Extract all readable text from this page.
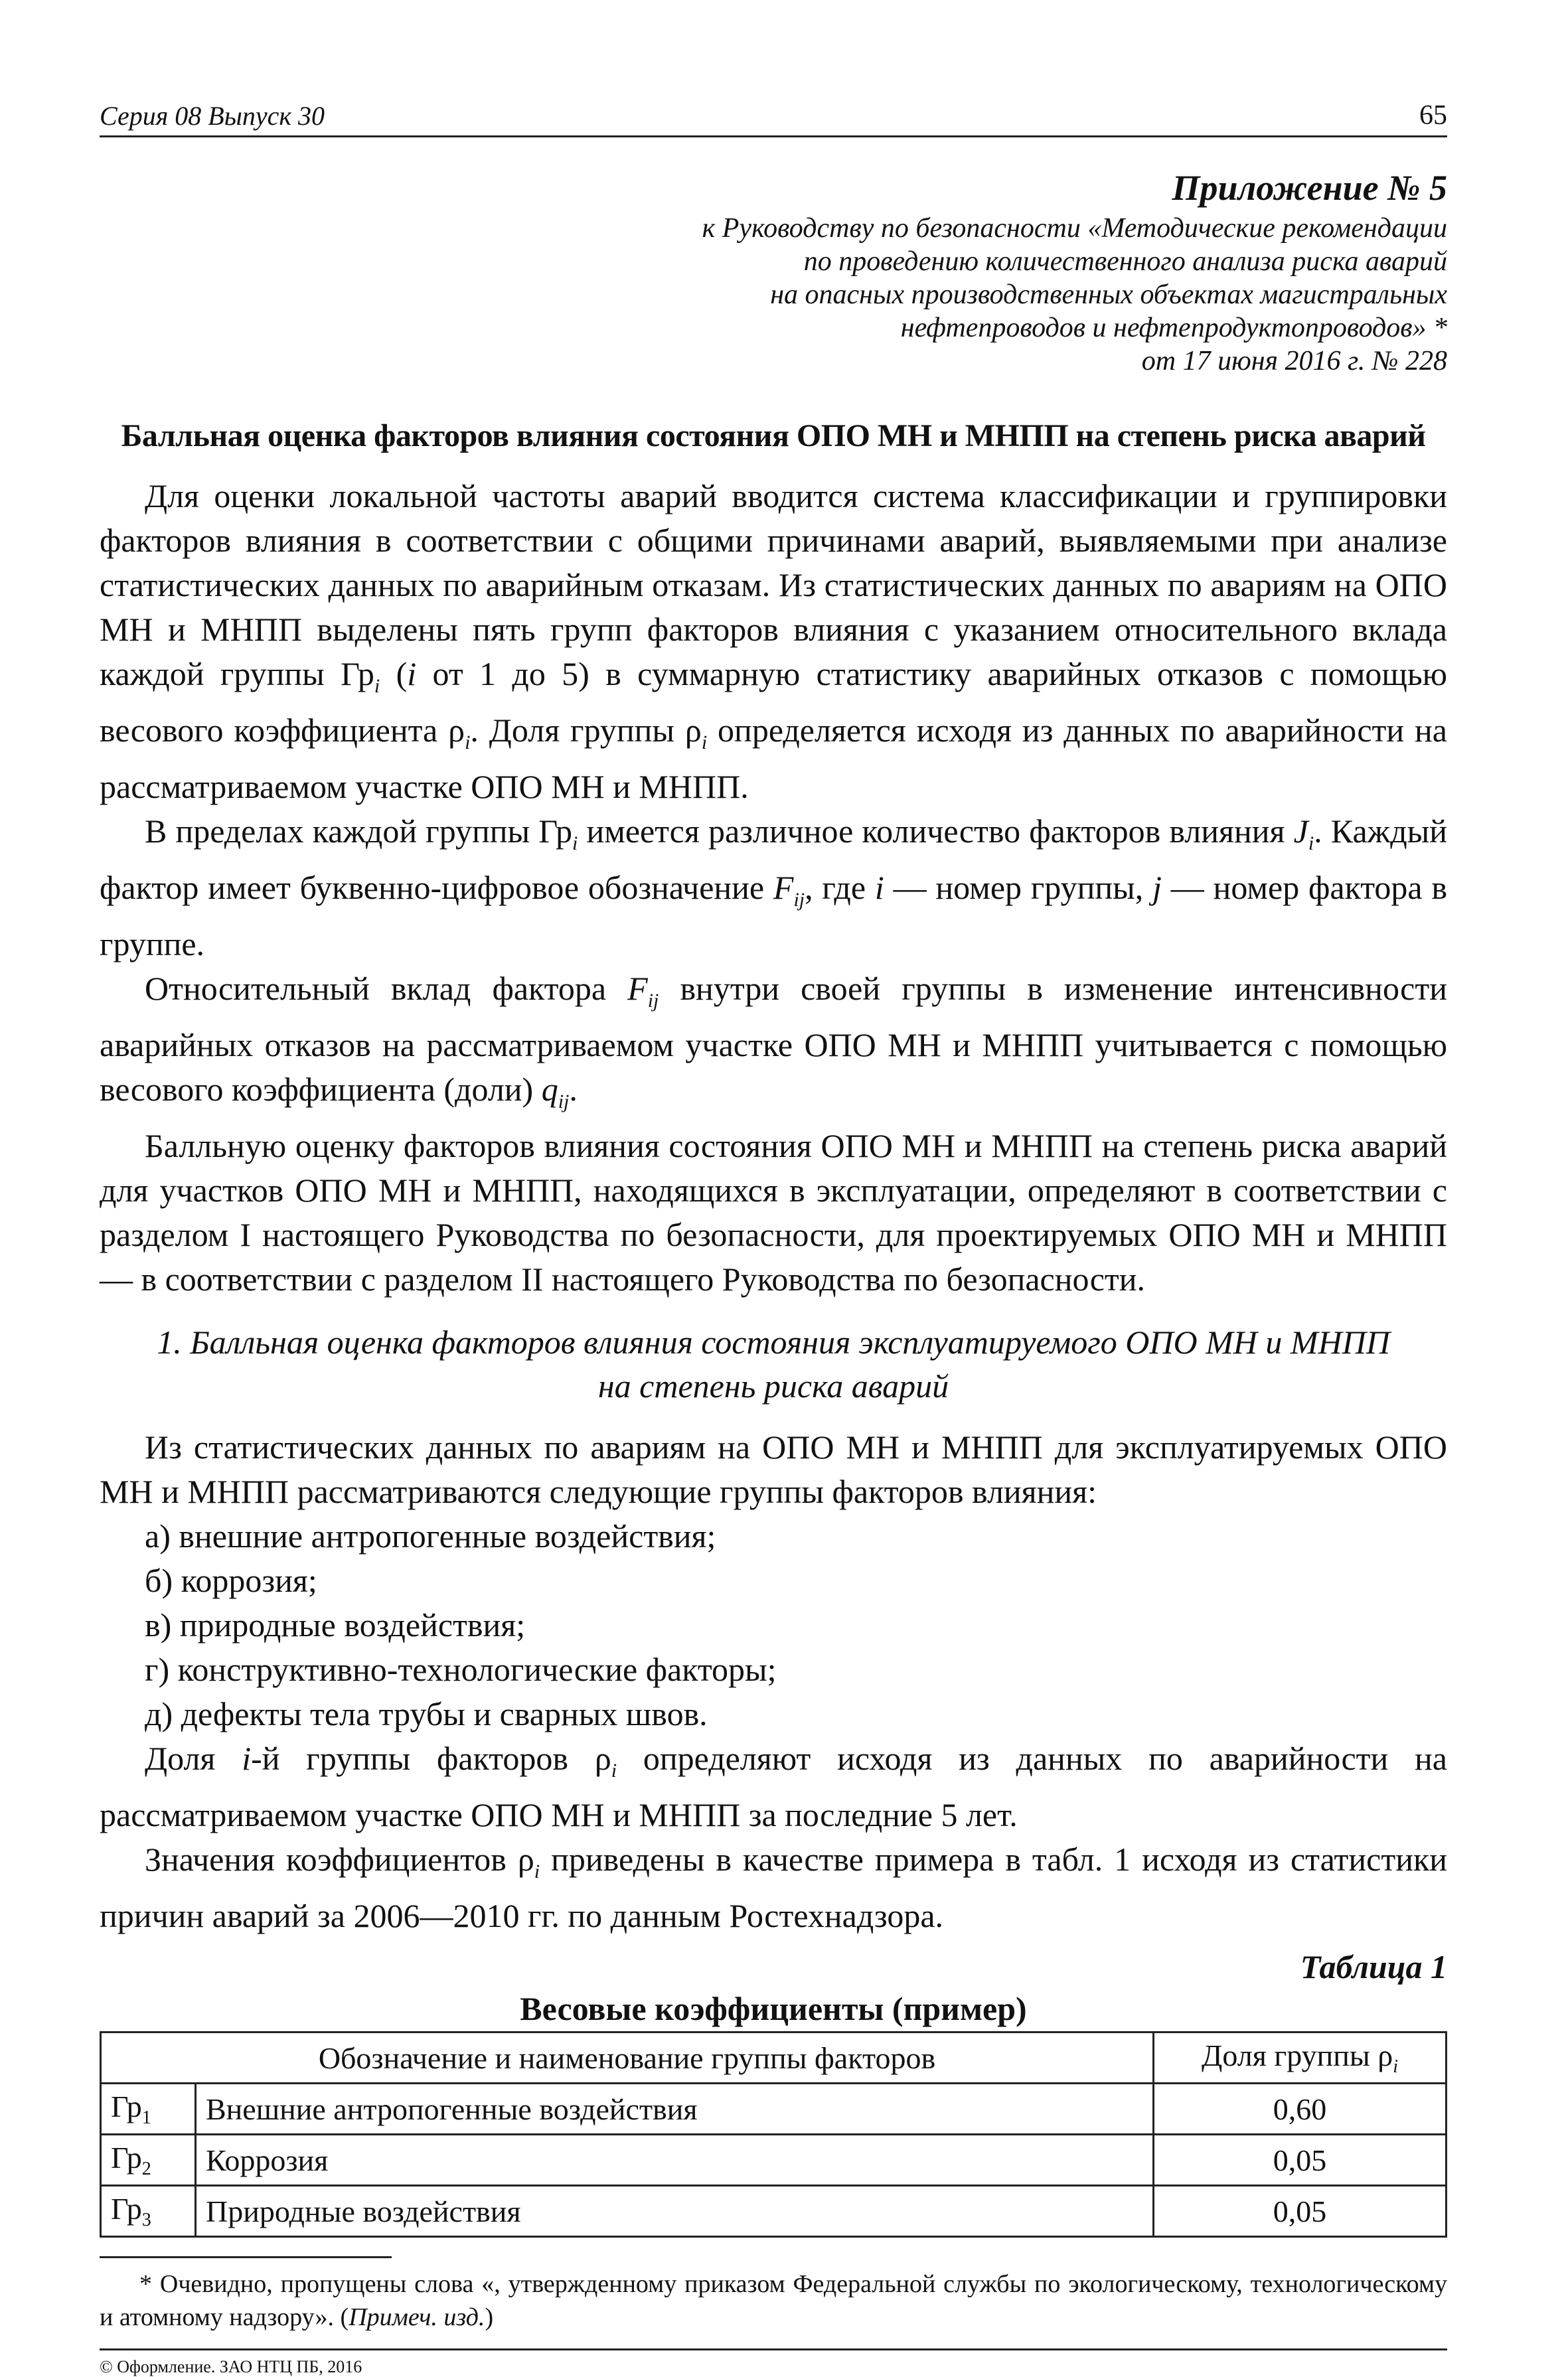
Серия 08 Выпуск 30	65
Приложение № 5
к Руководству по безопасности «Методические рекомендации
по проведению количественного анализа риска аварий
на опасных производственных объектах магистральных
нефтепроводов и нефтепродуктопроводов» *
от 17 июня 2016 г. № 228
Балльная оценка факторов влияния состояния ОПО МН и МНПП на степень риска аварий

Для оценки локальной частоты аварий вводится система классификации и группировки факторов влияния в соответствии с общими причинами аварий, выявляемыми при анализе статистических данных по аварийным отказам. Из статистических данных по авариям на ОПО МН и МНПП выделены пять групп факторов влияния с указанием относительного вклада каждой группы $Гр_i$ (i от 1 до 5) в суммарную статистику аварийных отказов с помощью весового коэффициента $\rho_i$. Доля группы $\rho_i$ определяется исходя из данных по аварийности на рассматриваемом участке ОПО МН и МНПП.

В пределах каждой группы $Гр_i$ имеется различное количество факторов влияния $J_i$. Каждый фактор имеет буквенно-цифровое обозначение $F_{ij}$, где i — номер группы, j — номер фактора в группе.

Относительный вклад фактора $F_{ij}$ внутри своей группы в изменение интенсивности аварийных отказов на рассматриваемом участке ОПО МН и МНПП учитывается с помощью весового коэффициента (доли) $q_{ij}$.

Балльную оценку факторов влияния состояния ОПО МН и МНПП на степень риска аварий для участков ОПО МН и МНПП, находящихся в эксплуатации, определяют в соответствии с разделом I настоящего Руководства по безопасности, для проектируемых ОПО МН и МНПП — в соответствии с разделом II настоящего Руководства по безопасности.

1. Балльная оценка факторов влияния состояния эксплуатируемого ОПО МН и МНПП
на степень риска аварий

Из статистических данных по авариям на ОПО МН и МНПП для эксплуатируемых ОПО МН и МНПП рассматриваются следующие группы факторов влияния:

а) внешние антропогенные воздействия;
б) коррозия;
в) природные воздействия;
г) конструктивно-технологические факторы;
д) дефекты тела трубы и сварных швов.

Доля i-й группы факторов $\rho_i$ определяют исходя из данных по аварийности на рассматриваемом участке ОПО МН и МНПП за последние 5 лет.

Значения коэффициентов $\rho_i$ приведены в качестве примера в табл. 1 исходя из статистики причин аварий за 2006—2010 гг. по данным Ростехнадзора.

Таблица 1
Весовые коэффициенты (пример)
Обозначение и наименование группы факторов		Доля группы $\rho_i$
$Гр_1$	Внешние антропогенные воздействия	0,60
$Гр_2$	Коррозия	0,05
$Гр_3$	Природные воздействия	0,05
* Очевидно, пропущены слова «, утвержденному приказом Федеральной службы по экологическому, технологическому и атомному надзору». (Примеч. изд.)
© Оформление. ЗАО НТЦ ПБ, 2016
